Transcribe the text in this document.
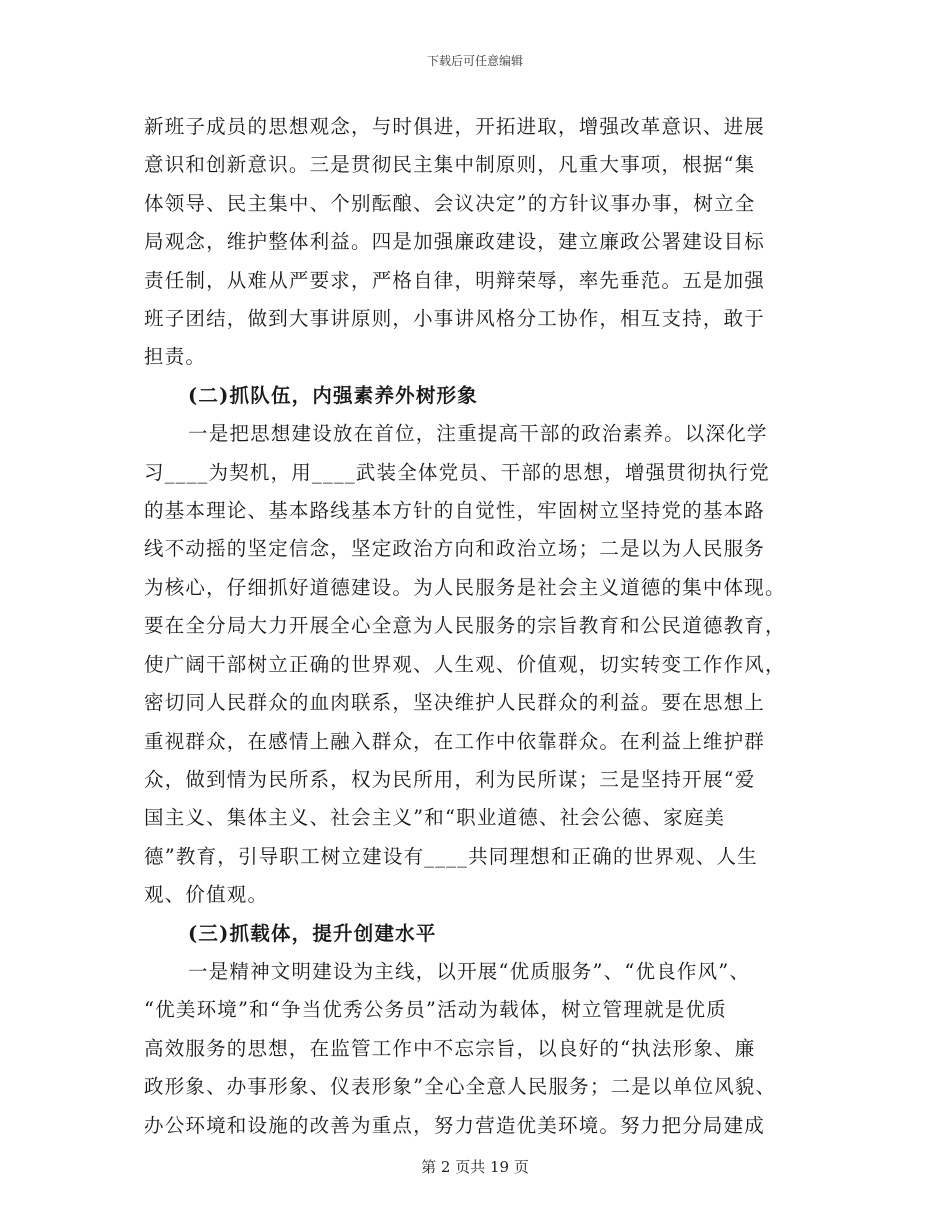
下载后可任意编辑

新班子成员的思想观念，与时俱进，开拓进取，增强改革意识、进展
意识和创新意识。三是贯彻民主集中制原则，凡重大事项，根据“集
体领导、民主集中、个别酝酿、会议决定”的方针议事办事，树立全
局观念，维护整体利益。四是加强廉政建设，建立廉政公署建设目标
责任制，从难从严要求，严格自律，明辩荣辱，率先垂范。五是加强
班子团结，做到大事讲原则，小事讲风格分工协作，相互支持，敢于
担责。

(二)抓队伍，内强素养外树形象

一是把思想建设放在首位，注重提高干部的政治素养。以深化学
习____为契机，用____武装全体党员、干部的思想，增强贯彻执行党
的基本理论、基本路线基本方针的自觉性，牢固树立坚持党的基本路
线不动摇的坚定信念，坚定政治方向和政治立场；二是以为人民服务
为核心，仔细抓好道德建设。为人民服务是社会主义道德的集中体现。
要在全分局大力开展全心全意为人民服务的宗旨教育和公民道德教育，
使广阔干部树立正确的世界观、人生观、价值观，切实转变工作作风，
密切同人民群众的血肉联系，坚决维护人民群众的利益。要在思想上
重视群众，在感情上融入群众，在工作中依靠群众。在利益上维护群
众，做到情为民所系，权为民所用，利为民所谋；三是坚持开展“爱
国主义、集体主义、社会主义”和“职业道德、社会公德、家庭美
德”教育，引导职工树立建设有____共同理想和正确的世界观、人生
观、价值观。

(三)抓载体，提升创建水平

一是精神文明建设为主线，以开展“优质服务”、“优良作风”、
“优美环境”和“争当优秀公务员”活动为载体，树立管理就是优质
高效服务的思想，在监管工作中不忘宗旨，以良好的“执法形象、廉
政形象、办事形象、仪表形象”全心全意人民服务；二是以单位风貌、
办公环境和设施的改善为重点，努力营造优美环境。努力把分局建成

第 2 页共 19 页
